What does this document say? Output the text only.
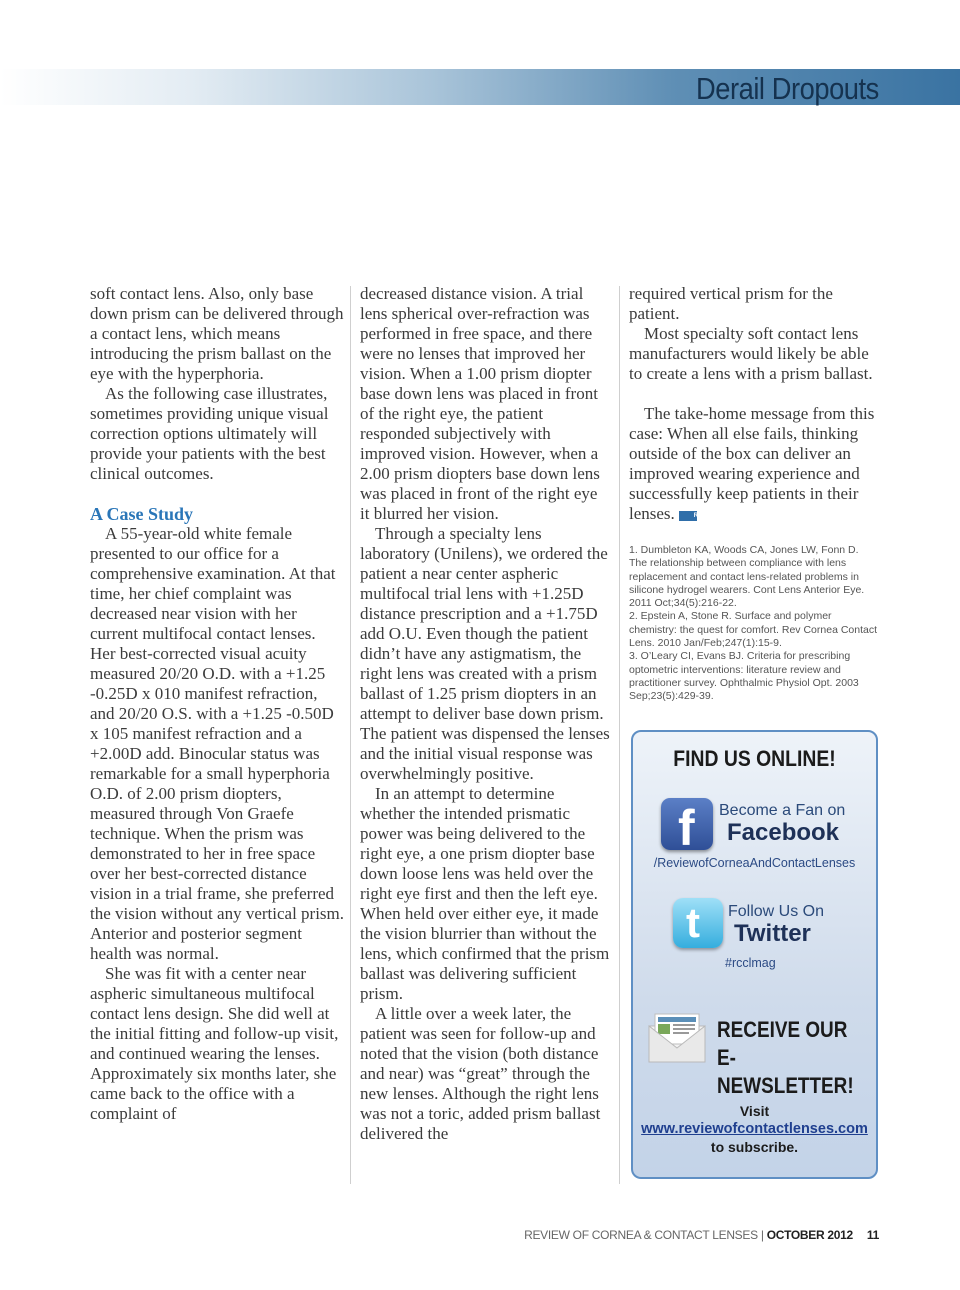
Derail Dropouts

soft contact lens. Also, only base down prism can be delivered through a contact lens, which means introducing the prism ballast on the eye with the hyperphoria.

As the following case illustrates, sometimes providing unique visual correction options ultimately will provide your patients with the best clinical outcomes.

A Case Study

A 55-year-old white female presented to our office for a comprehensive examination. At that time, her chief complaint was decreased near vision with her current multifocal contact lenses. Her best-corrected visual acuity measured 20/20 O.D. with a +1.25 -0.25D x 010 manifest refraction, and 20/20 O.S. with a +1.25 -0.50D x 105 manifest refraction and a +2.00D add. Binocular status was remarkable for a small hyperphoria O.D. of 2.00 prism diopters, measured through Von Graefe technique. When the prism was demonstrated to her in free space over her best-corrected distance vision in a trial frame, she preferred the vision without any vertical prism. Anterior and posterior segment health was normal.

She was fit with a center near aspheric simultaneous multifocal contact lens design. She did well at the initial fitting and follow-up visit, and continued wearing the lenses. Approximately six months later, she came back to the office with a complaint of

decreased distance vision. A trial lens spherical over-refraction was performed in free space, and there were no lenses that improved her vision. When a 1.00 prism diopter base down lens was placed in front of the right eye, the patient responded subjectively with improved vision. However, when a 2.00 prism diopters base down lens was placed in front of the right eye it blurred her vision.

Through a specialty lens laboratory (Unilens), we ordered the patient a near center aspheric multifocal trial lens with +1.25D distance prescription and a +1.75D add O.U. Even though the patient didn’t have any astigmatism, the right lens was created with a prism ballast of 1.25 prism diopters in an attempt to deliver base down prism. The patient was dispensed the lenses and the initial visual response was overwhelmingly positive.

In an attempt to determine whether the intended prismatic power was being delivered to the right eye, a one prism diopter base down loose lens was held over the right eye first and then the left eye. When held over either eye, it made the vision blurrier than without the lens, which confirmed that the prism ballast was delivering sufficient prism.

A little over a week later, the patient was seen for follow-up and noted that the vision (both distance and near) was “great” through the new lenses. Although the right lens was not a toric, added prism ballast delivered the

required vertical prism for the patient.

Most specialty soft contact lens manufacturers would likely be able to create a lens with a prism ballast.

The take-home message from this case: When all else fails, thinking outside of the box can deliver an improved wearing experience and successfully keep patients in their lenses.	RCCL

1. Dumbleton KA, Woods CA, Jones LW, Fonn D. The relationship between compliance with lens replacement and contact lens-related problems in silicone hydrogel wearers. Cont Lens Anterior Eye. 2011 Oct;34(5):216-22.
2. Epstein A, Stone R. Surface and polymer chemistry: the quest for comfort. Rev Cornea Contact Lens. 2010 Jan/Feb;247(1):15-9.
3. O’Leary CI, Evans BJ. Criteria for prescribing optometric interventions: literature review and practitioner survey. Ophthalmic Physiol Opt. 2003 Sep;23(5):429-39.
FIND US ONLINE!
f Become a Fan on
Facebook
/ReviewofCorneaAndContactLenses
t Follow Us On
Twitter
#rcclmag
RECEIVE OUR
E-NEWSLETTER!
Visit
www.reviewofcontactlenses.com
to subscribe.
REVIEW OF CORNEA & CONTACT LENSES | OCTOBER 2012 11
